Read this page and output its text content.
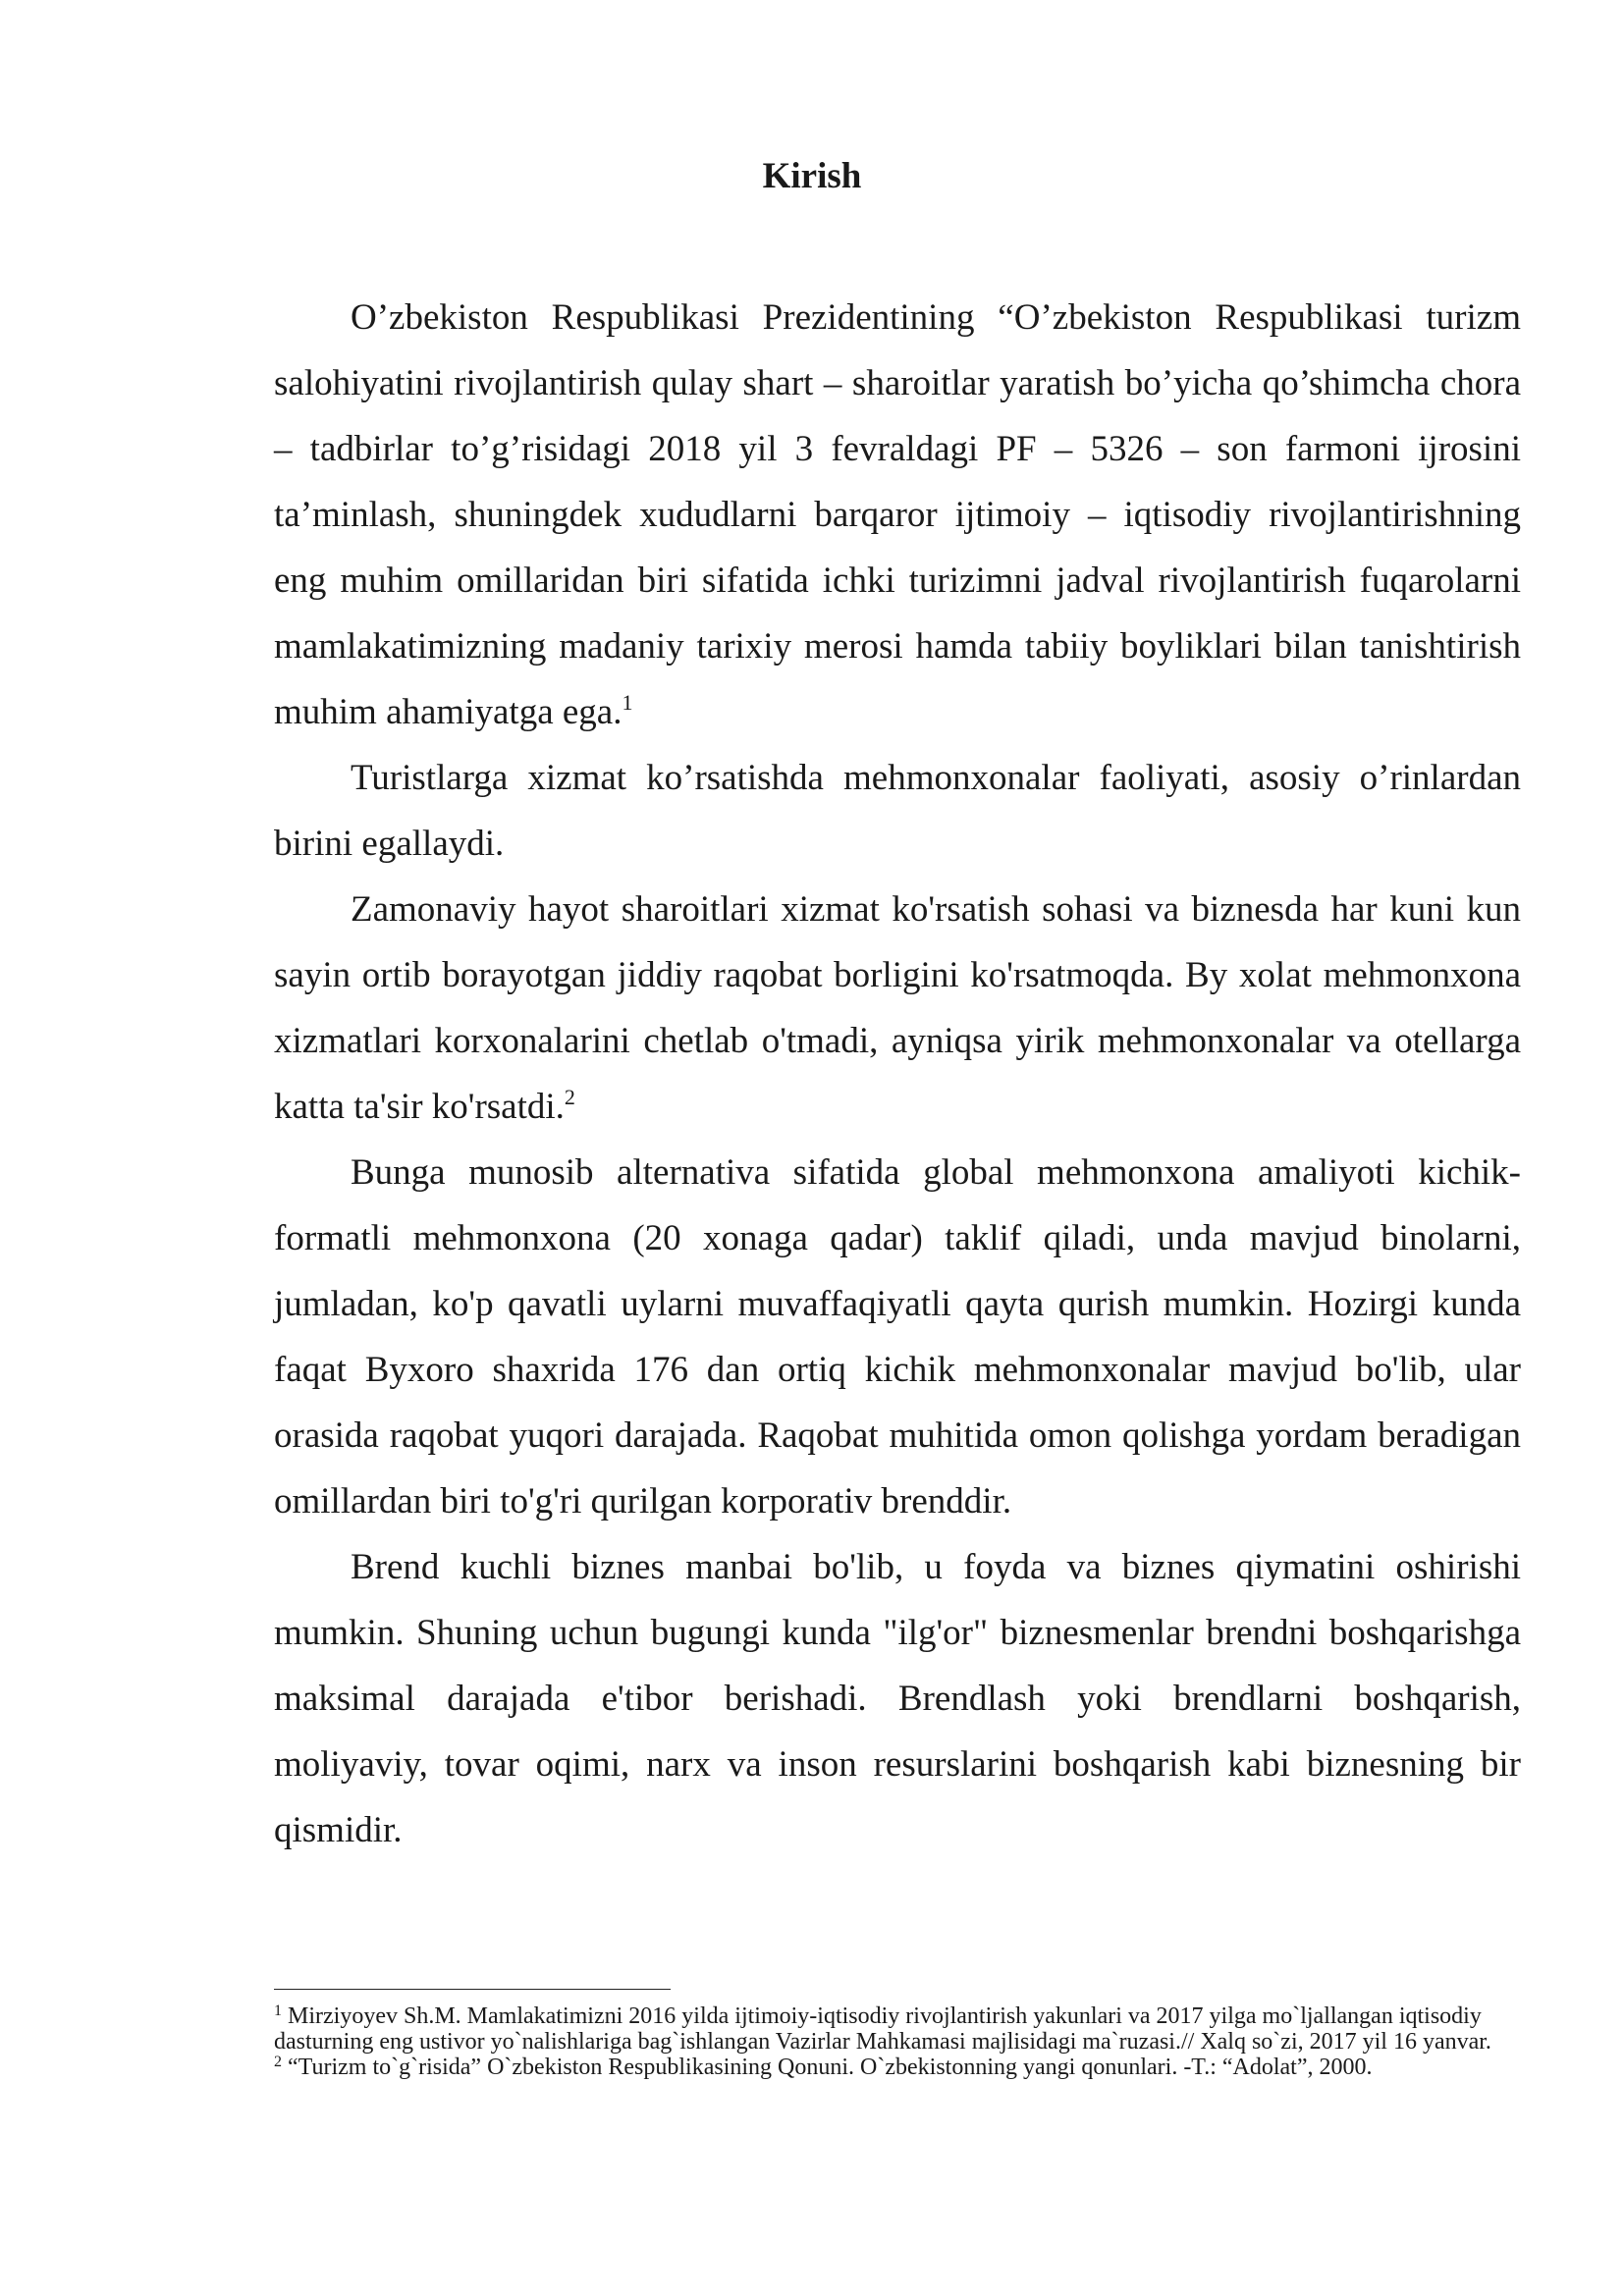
Kirish

O’zbekiston Respublikasi Prezidentining “O’zbekiston Respublikasi turizm salohiyatini rivojlantirish qulay shart – sharoitlar yaratish bo’yicha qo’shimcha chora – tadbirlar to’g’risidagi 2018 yil 3 fevraldagi PF – 5326 – son farmoni ijrosini ta’minlash, shuningdek xududlarni barqaror ijtimoiy – iqtisodiy rivojlantirishning eng muhim omillaridan biri sifatida ichki turizimni jadval rivojlantirish fuqarolarni mamlakatimizning madaniy tarixiy merosi hamda tabiiy boyliklari bilan tanishtirish muhim ahamiyatga ega.$^1$

Turistlarga xizmat ko’rsatishda mehmonxonalar faoliyati, asosiy o’rinlardan birini egallaydi.

Zamonaviy hayot sharoitlari xizmat ko'rsatish sohasi va biznesda har kuni kun sayin ortib borayotgan jiddiy raqobat borligini ko'rsatmoqda. By xolat mehmonxona xizmatlari korxonalarini chetlab o'tmadi, ayniqsa yirik mehmonxonalar va otellarga katta ta'sir ko'rsatdi.$^2$

Bunga munosib alternativa sifatida global mehmonxona amaliyoti kichik-formatli mehmonxona (20 xonaga qadar) taklif qiladi, unda mavjud binolarni, jumladan, ko'p qavatli uylarni muvaffaqiyatli qayta qurish mumkin. Hozirgi kunda faqat Byxoro shaxrida 176 dan ortiq kichik mehmonxonalar mavjud bo'lib, ular orasida raqobat yuqori darajada. Raqobat muhitida omon qolishga yordam beradigan omillardan biri to'g'ri qurilgan korporativ brenddir.

Brend kuchli biznes manbai bo'lib, u foyda va biznes qiymatini oshirishi mumkin. Shuning uchun bugungi kunda "ilg'or" biznesmenlar brendni boshqarishga maksimal darajada e'tibor berishadi. Brendlash yoki brendlarni boshqarish, moliyaviy, tovar oqimi, narx va inson resurslarini boshqarish kabi biznesning bir qismidir.

$^1$ Mirziyoyev Sh.M. Mamlakatimizni 2016 yilda ijtimoiy-iqtisodiy rivojlantirish yakunlari va 2017 yilga mo`ljallangan iqtisodiy dasturning eng ustivor yo`nalishlariga bag`ishlangan Vazirlar Mahkamasi majlisidagi ma`ruzasi.// Xalq so`zi, 2017 yil 16 yanvar.

$^2$ “Turizm to`g`risida” O`zbekiston Respublikasining Qonuni. O`zbekistonning yangi qonunlari. -T.: “Adolat”, 2000.
